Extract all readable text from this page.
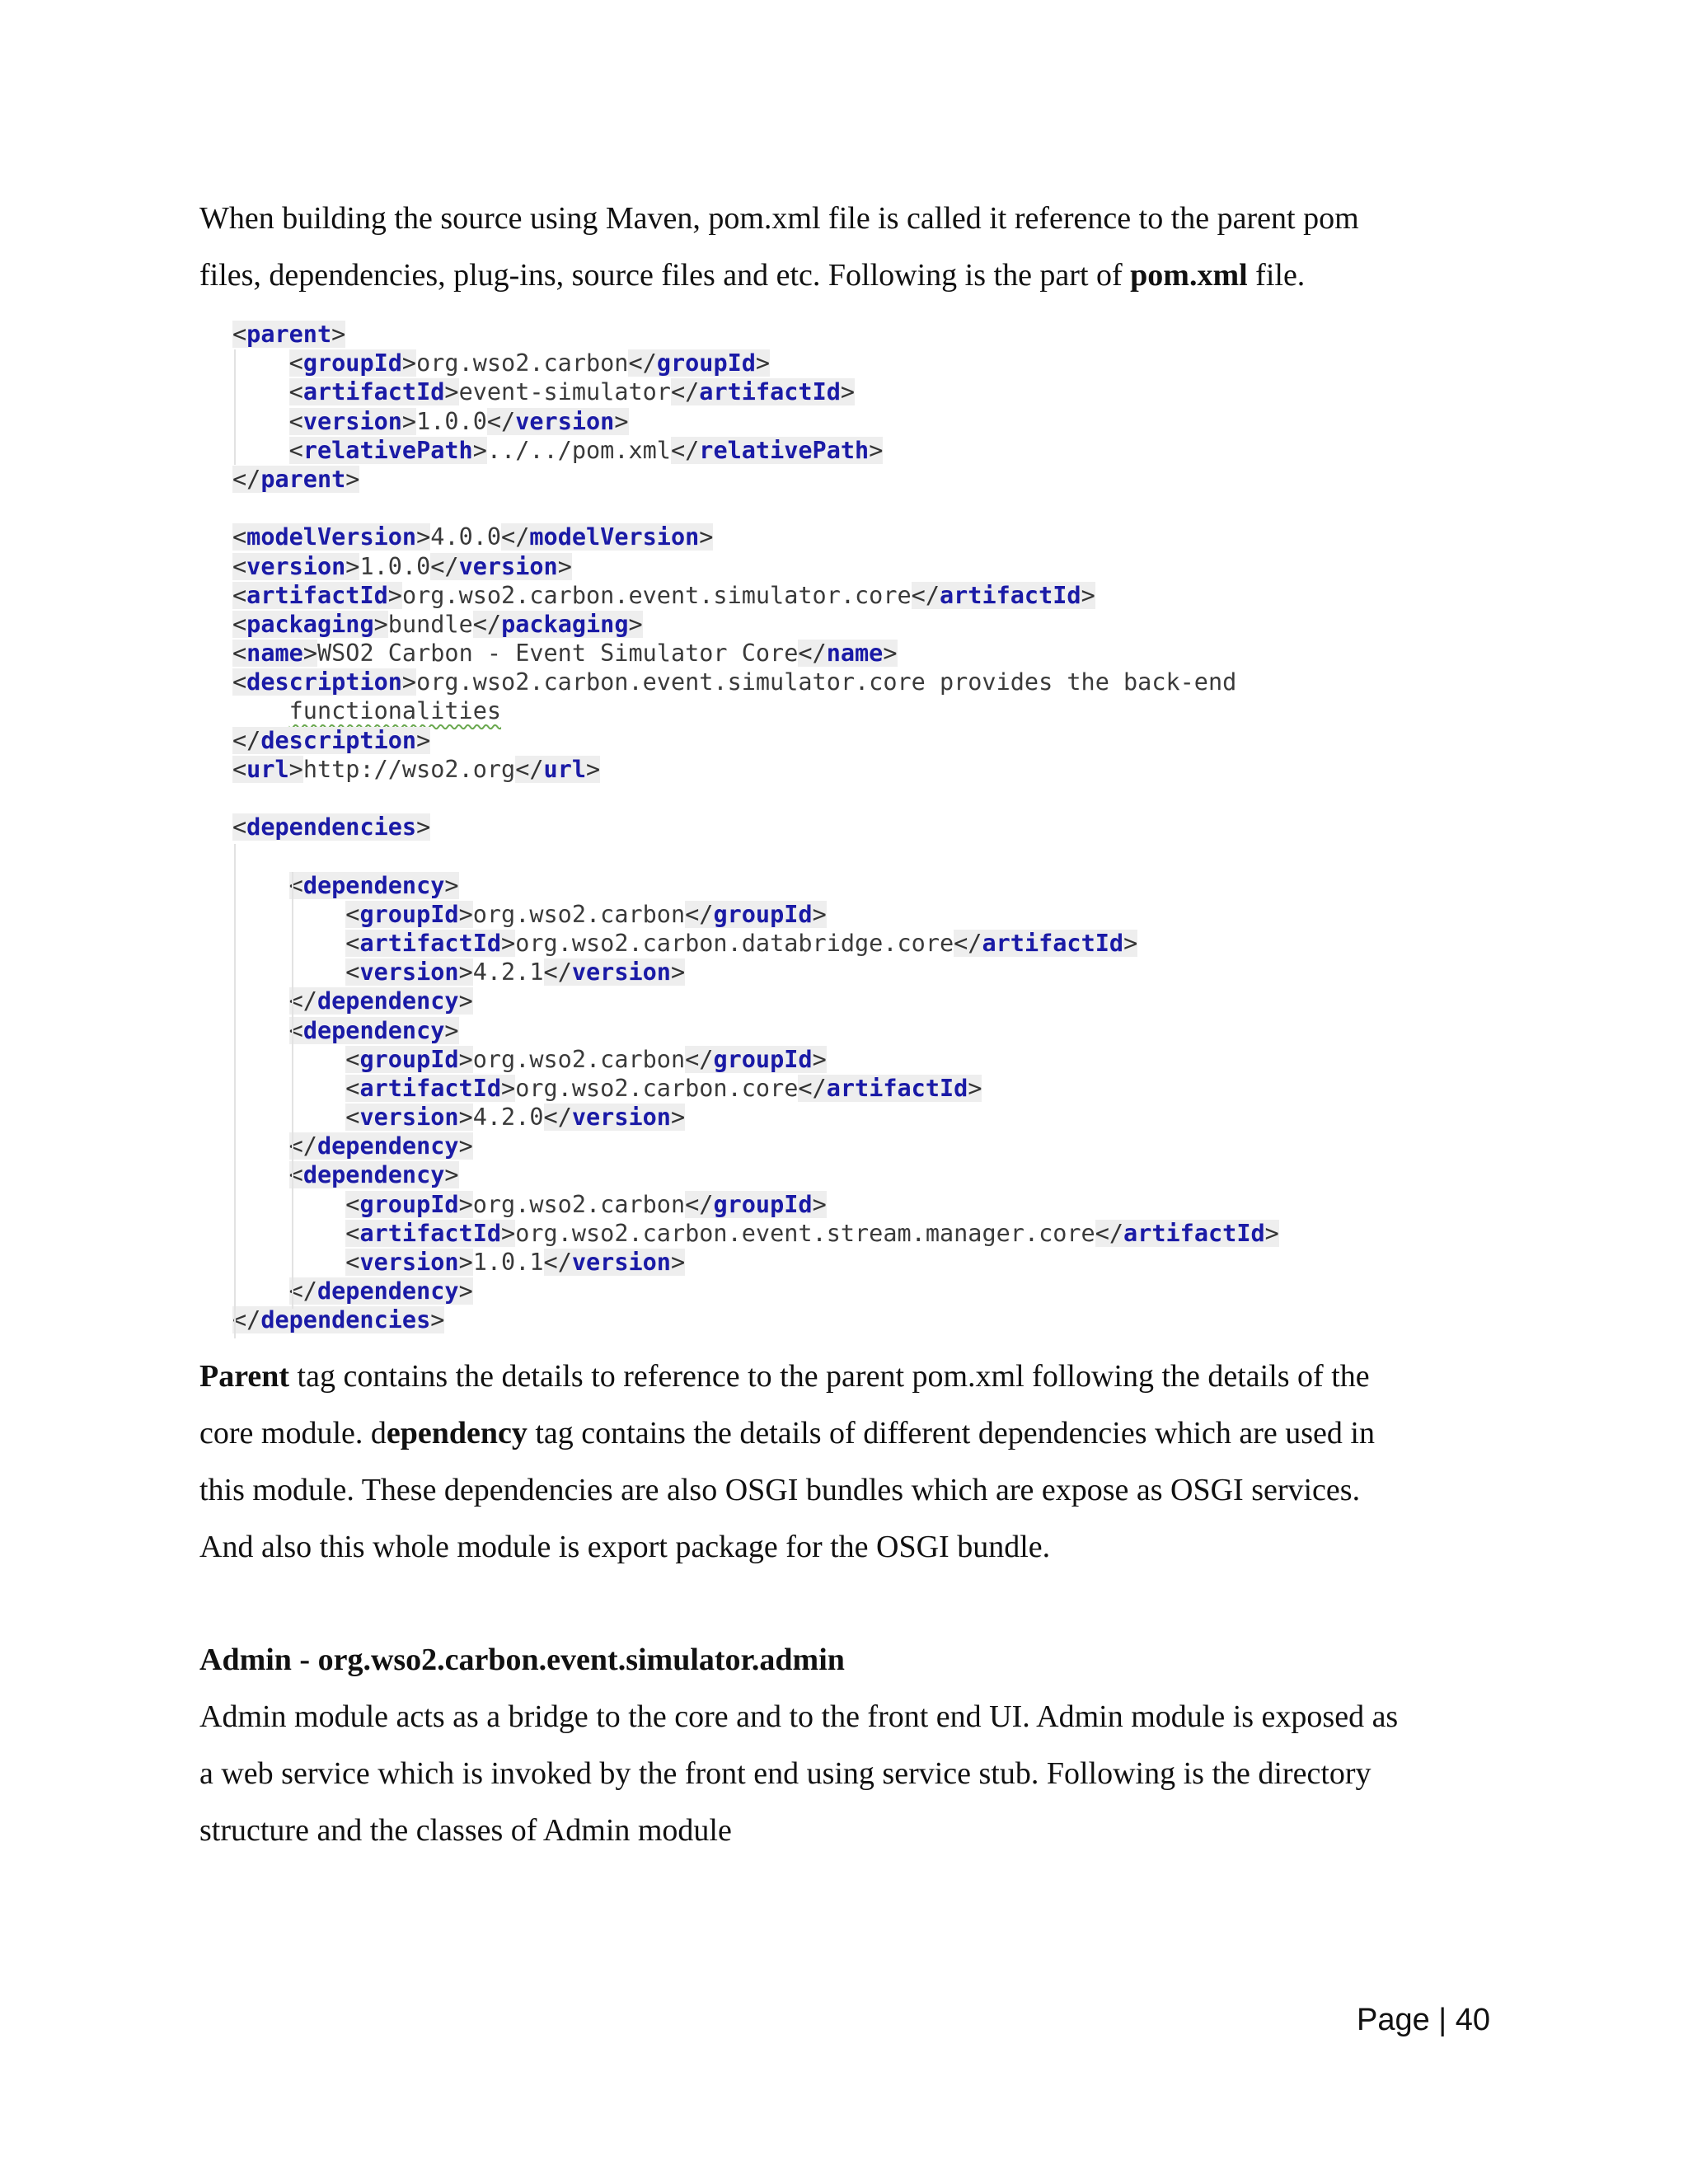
When building the source using Maven, pom.xml file is called it reference to the parent pom
files, dependencies, plug-ins, source files and etc. Following is the part of pom.xml file.
<parent>
<groupId>org.wso2.carbon</groupId>
<artifactId>event-simulator</artifactId>
<version>1.0.0</version>
<relativePath>../../pom.xml</relativePath>
</parent>

<modelVersion>4.0.0</modelVersion>
<version>1.0.0</version>
<artifactId>org.wso2.carbon.event.simulator.core</artifactId>
<packaging>bundle</packaging>
<name>WSO2 Carbon - Event Simulator Core</name>
<description>org.wso2.carbon.event.simulator.core provides the back-end
functionalities
</description>
<url>http://wso2.org</url>

<dependencies>

<dependency>
<groupId>org.wso2.carbon</groupId>
<artifactId>org.wso2.carbon.databridge.core</artifactId>
<version>4.2.1</version>
</dependency>
<dependency>
<groupId>org.wso2.carbon</groupId>
<artifactId>org.wso2.carbon.core</artifactId>
<version>4.2.0</version>
</dependency>
<dependency>
<groupId>org.wso2.carbon</groupId>
<artifactId>org.wso2.carbon.event.stream.manager.core</artifactId>
<version>1.0.1</version>
</dependency>
</dependencies>
Parent tag contains the details to reference to the parent pom.xml following the details of the
core module. dependency tag contains the details of different dependencies which are used in
this module. These dependencies are also OSGI bundles which are expose as OSGI services.
And also this whole module is export package for the OSGI bundle.
Admin - org.wso2.carbon.event.simulator.admin
Admin module acts as a bridge to the core and to the front end UI. Admin module is exposed as
a web service which is invoked by the front end using service stub. Following is the directory
structure and the classes of Admin module
Page | 40
